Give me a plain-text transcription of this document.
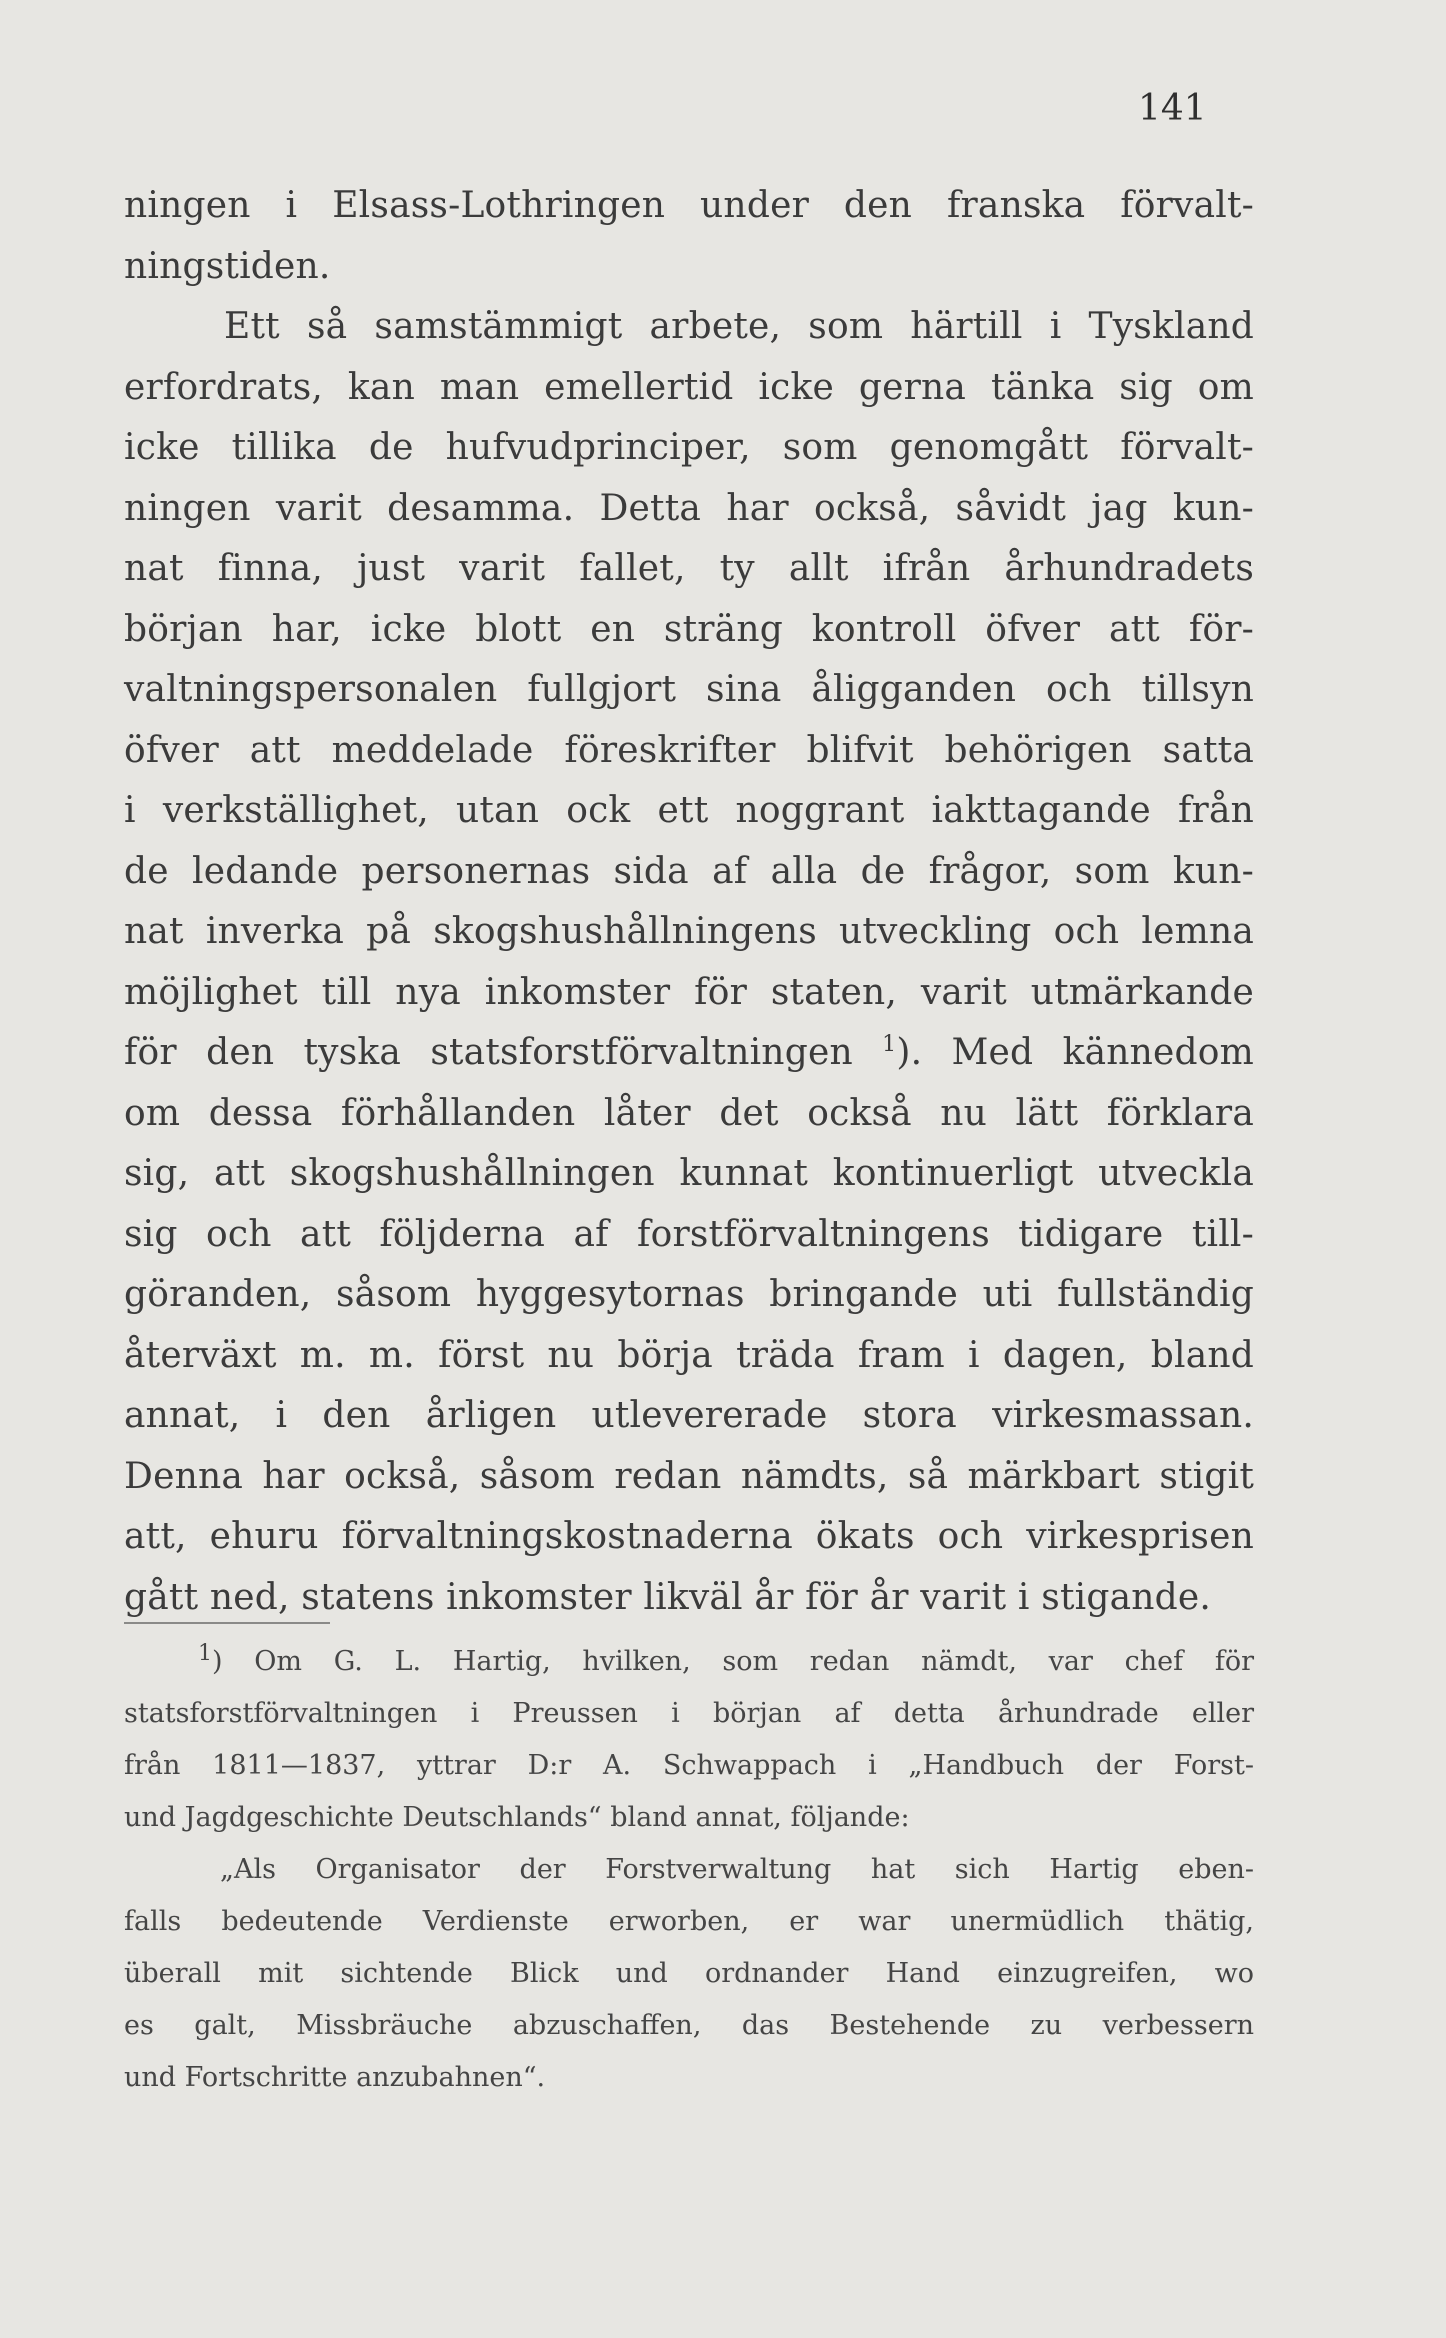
141
ningen i Elsass-Lothringen under den franska förvalt-
ningstiden.
Ett så samstämmigt arbete, som härtill i Tyskland
erfordrats, kan man emellertid icke gerna tänka sig om
icke tillika de hufvudprinciper, som genomgått förvalt-
ningen varit desamma. Detta har också, såvidt jag kun-
nat finna, just varit fallet, ty allt ifrån århundradets
början har, icke blott en sträng kontroll öfver att för-
valtningspersonalen fullgjort sina åligganden och tillsyn
öfver att meddelade föreskrifter blifvit behörigen satta
i verkställighet, utan ock ett noggrant iakttagande från
de ledande personernas sida af alla de frågor, som kun-
nat inverka på skogshushållningens utveckling och lemna
möjlighet till nya inkomster för staten, varit utmärkande
för den tyska statsforstförvaltningen $^1$). Med kännedom
om dessa förhållanden låter det också nu lätt förklara
sig, att skogshushållningen kunnat kontinuerligt utveckla
sig och att följderna af forstförvaltningens tidigare till-
göranden, såsom hyggesytornas bringande uti fullständig
återväxt m. m. först nu börja träda fram i dagen, bland
annat, i den årligen utlevererade stora virkesmassan.
Denna har också, såsom redan nämdts, så märkbart stigit
att, ehuru förvaltningskostnaderna ökats och virkesprisen
gått ned, statens inkomster likväl år för år varit i stigande.
$^1$) Om G. L. Hartig, hvilken, som redan nämdt, var chef för
statsforstförvaltningen i Preussen i början af detta århundrade eller
från 1811—1837, yttrar D:r A. Schwappach i „Handbuch der Forst-
und Jagdgeschichte Deutschlands“ bland annat, följande:
„Als Organisator der Forstverwaltung hat sich Hartig eben-
falls bedeutende Verdienste erworben, er war unermüdlich thätig,
überall mit sichtende Blick und ordnander Hand einzugreifen, wo
es galt, Missbräuche abzuschaffen, das Bestehende zu verbessern
und Fortschritte anzubahnen“.
